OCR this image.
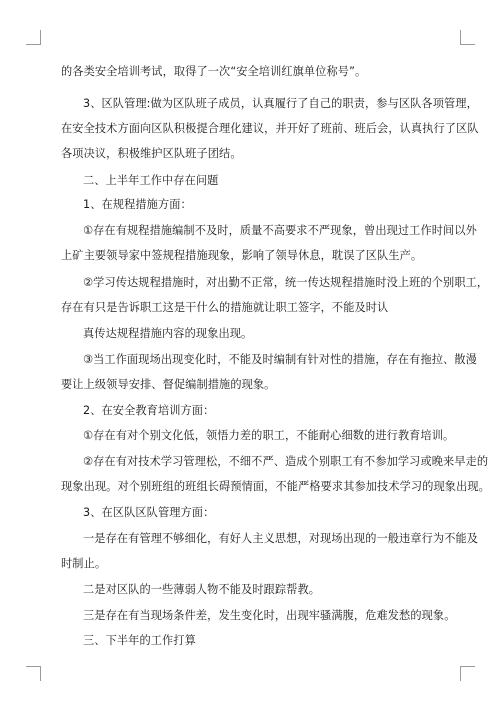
的各类安全培训考试，取得了一次“安全培训红旗单位称号”。
3、区队管理:做为区队班子成员，认真履行了自己的职责，参与区队各项管理，
在安全技术方面向区队积极提合理化建议，并开好了班前、班后会，认真执行了区队
各项决议，积极维护区队班子团结。
二、上半年工作中存在问题
1、在规程措施方面：
①存在有规程措施编制不及时，质量不高要求不严现象，曾出现过工作时间以外
上矿主要领导家中签规程措施现象，影响了领导休息，耽误了区队生产。
②学习传达规程措施时，对出勤不正常，统一传达规程措施时没上班的个别职工，
存在有只是告诉职工这是干什么的措施就让职工签字，不能及时认
真传达规程措施内容的现象出现。
③当工作面现场出现变化时，不能及时编制有针对性的措施，存在有拖拉、散漫
要让上级领导安排、督促编制措施的现象。
2、在安全教育培训方面：
①存在有对个别文化低，领悟力差的职工，不能耐心细数的进行教育培训。
②存在有对技术学习管理松，不细不严、造成个别职工有不参加学习或晚来早走的
现象出现。对个别班组的班组长碍预情面，不能严格要求其参加技术学习的现象出现。
3、在区队区队管理方面：
一是存在有管理不够细化，有好人主义思想，对现场出现的一般违章行为不能及
时制止。
二是对区队的一些薄弱人物不能及时跟踪帮教。
三是存在有当现场条件差，发生变化时，出现牢骚满腹，危难发愁的现象。
三、下半年的工作打算
